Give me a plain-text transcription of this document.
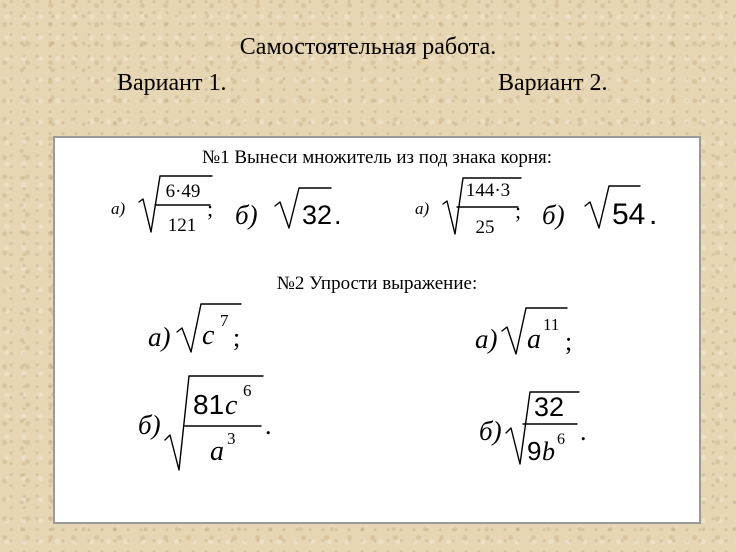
Самостоятельная работа.
Вариант 1.	Вариант 2.
№1 Вынеси множитель из под знака корня:
№2 Упрости выражение:
а)
6·49
121
; б) 32 .	а)
144·3
25
; б) 54 .
а) c 7
;	а) a 11
;
б)
81 c 6
a 3 .	б)
32
9 b 6 .
